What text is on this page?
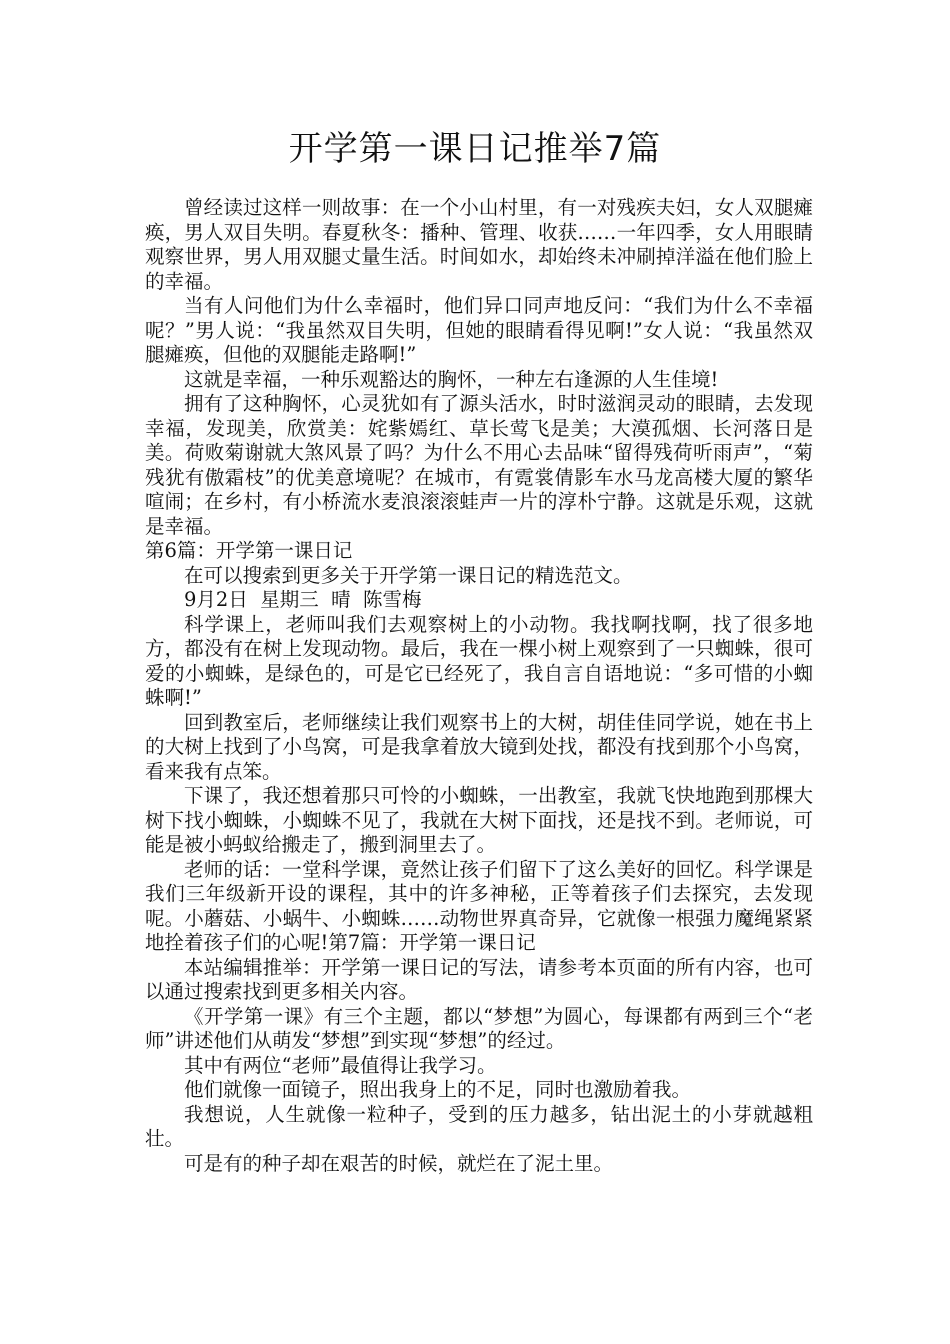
开学第一课日记推举7篇

曾经读过这样一则故事：在一个小山村里，有一对残疾夫妇，女人双腿瘫痪，男人双目失明。春夏秋冬：播种、管理、收获……一年四季，女人用眼睛观察世界，男人用双腿丈量生活。时间如水，却始终未冲刷掉洋溢在他们脸上的幸福。

当有人问他们为什么幸福时，他们异口同声地反问：“我们为什么不幸福呢？”男人说：“我虽然双目失明，但她的眼睛看得见啊!”女人说：“我虽然双腿瘫痪，但他的双腿能走路啊!”

这就是幸福，一种乐观豁达的胸怀，一种左右逢源的人生佳境!

拥有了这种胸怀，心灵犹如有了源头活水，时时滋润灵动的眼睛，去发现幸福，发现美，欣赏美：姹紫嫣红、草长莺飞是美；大漠孤烟、长河落日是美。荷败菊谢就大煞风景了吗？为什么不用心去品味“留得残荷听雨声”，“菊残犹有傲霜枝”的优美意境呢？在城市，有霓裳倩影车水马龙高楼大厦的繁华喧闹；在乡村，有小桥流水麦浪滚滚蛙声一片的淳朴宁静。这就是乐观，这就是幸福。

第6篇：开学第一课日记

在可以搜索到更多关于开学第一课日记的精选范文。

9月2日  星期三  晴  陈雪梅

科学课上，老师叫我们去观察树上的小动物。我找啊找啊，找了很多地方，都没有在树上发现动物。最后，我在一棵小树上观察到了一只蜘蛛，很可爱的小蜘蛛，是绿色的，可是它已经死了，我自言自语地说：“多可惜的小蜘蛛啊!”

回到教室后，老师继续让我们观察书上的大树，胡佳佳同学说，她在书上的大树上找到了小鸟窝，可是我拿着放大镜到处找，都没有找到那个小鸟窝，看来我有点笨。

下课了，我还想着那只可怜的小蜘蛛，一出教室，我就飞快地跑到那棵大树下找小蜘蛛，小蜘蛛不见了，我就在大树下面找，还是找不到。老师说，可能是被小蚂蚁给搬走了，搬到洞里去了。

老师的话：一堂科学课，竟然让孩子们留下了这么美好的回忆。科学课是我们三年级新开设的课程，其中的许多神秘，正等着孩子们去探究，去发现呢。小蘑菇、小蜗牛、小蜘蛛……动物世界真奇异，它就像一根强力魔绳紧紧地拴着孩子们的心呢!第7篇：开学第一课日记

本站编辑推举：开学第一课日记的写法，请参考本页面的所有内容，也可以通过搜索找到更多相关内容。

《开学第一课》有三个主题，都以“梦想”为圆心，每课都有两到三个“老师”讲述他们从萌发“梦想”到实现“梦想”的经过。

其中有两位“老师”最值得让我学习。

他们就像一面镜子，照出我身上的不足，同时也激励着我。

我想说，人生就像一粒种子，受到的压力越多，钻出泥土的小芽就越粗壮。

可是有的种子却在艰苦的时候，就烂在了泥土里。
